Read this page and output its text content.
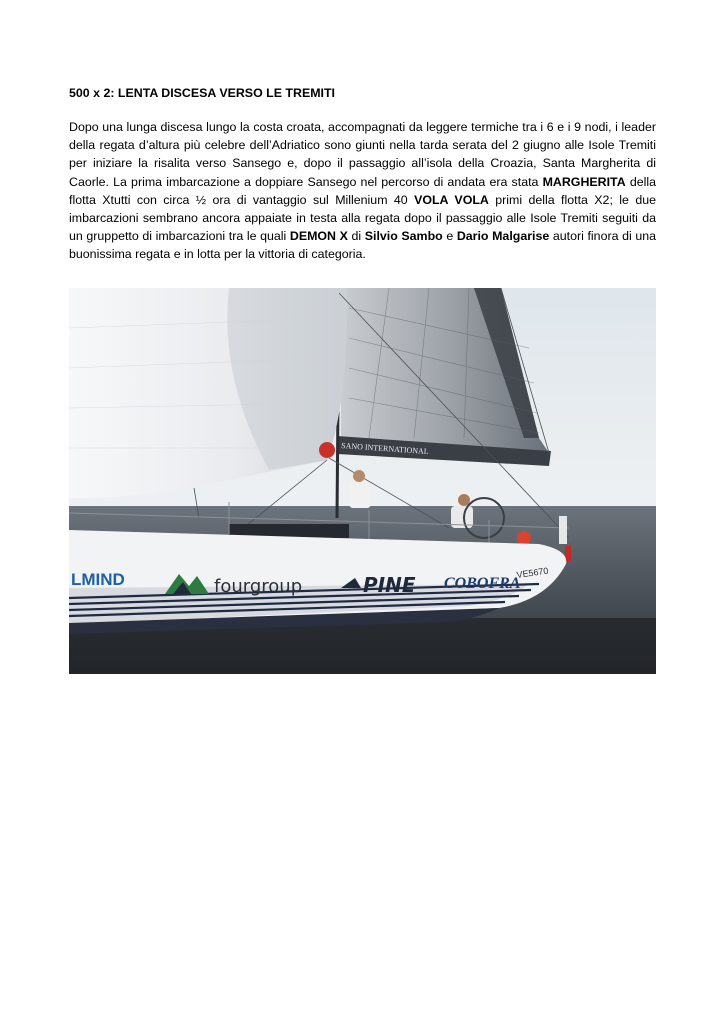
500 x 2: LENTA DISCESA VERSO LE TREMITI

Dopo una lunga discesa lungo la costa croata, accompagnati da leggere termiche tra i 6 e i 9 nodi, i leader della regata d’altura più celebre dell’Adriatico sono giunti nella tarda serata del 2 giugno alle Isole Tremiti per iniziare la risalita verso Sansego e, dopo il passaggio all’isola della Croazia, Santa Margherita di Caorle. La prima imbarcazione a doppiare Sansego nel percorso di andata era stata MARGHERITA della flotta Xtutti con circa ½ ora di vantaggio sul Millenium 40 VOLA VOLA primi della flotta X2; le due imbarcazioni sembrano ancora appaiate in testa alla regata dopo il passaggio alle Isole Tremiti seguiti da un gruppetto di imbarcazioni tra le quali DEMON X di Silvio Sambo e Dario Malgarise autori finora di una buonissima regata e in lotta per la vittoria di categoria.

SANO INTERNATIONAL
LMIND	fourgroup	PINE COBOFRA
VE5670
